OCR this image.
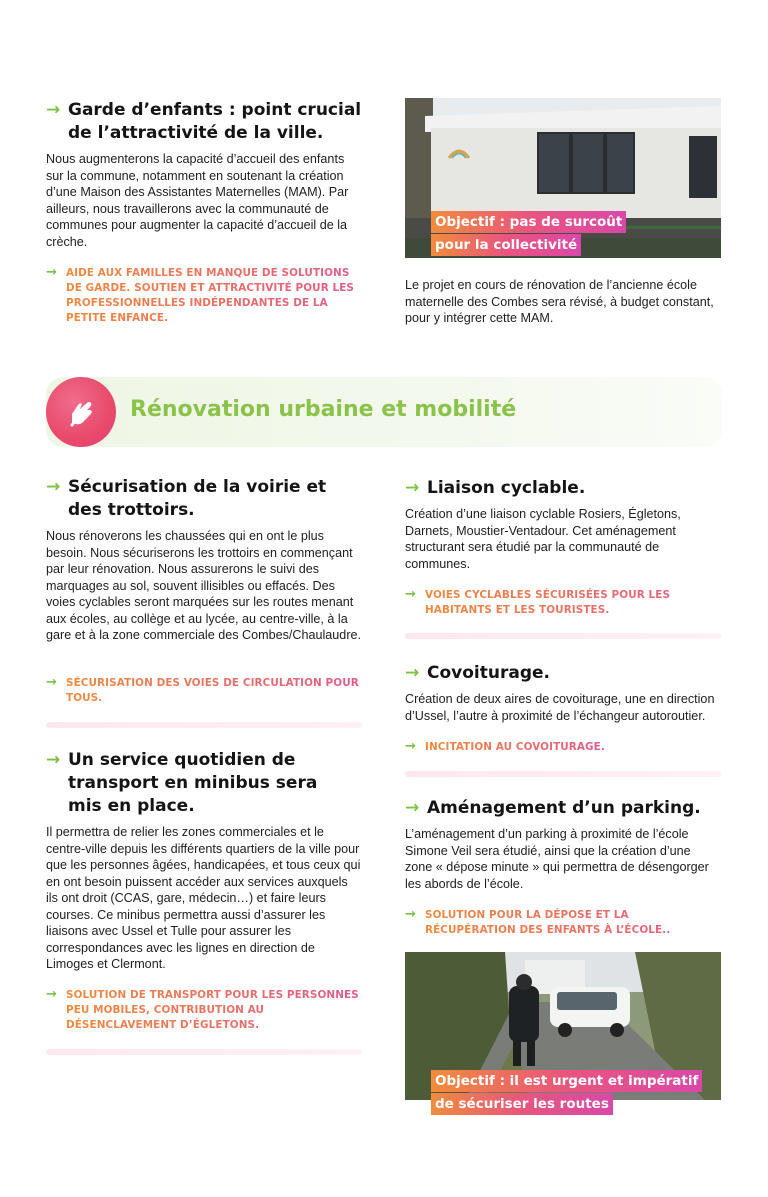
→ Garde d’enfants : point crucial
de l’attractivité de la ville.

Nous augmenterons la capacité d’accueil des enfants sur la commune, notamment en soutenant la création d’une Maison des Assistantes Maternelles (MAM). Par ailleurs, nous travaillerons avec la communauté de communes pour augmenter la capacité d’accueil de la crèche.

→ AIDE AUX FAMILLES EN MANQUE DE SOLUTIONS DE GARDE. SOUTIEN ET ATTRACTIVITÉ POUR LES PROFESSIONNELLES INDÉPENDANTES DE LA PETITE ENFANCE.
Objectif : pas de surcoût
pour la collectivité

Le projet en cours de rénovation de l’ancienne école maternelle des Combes sera révisé, à budget constant, pour y intégrer cette MAM.

Rénovation urbaine et mobilité
→ Sécurisation de la voirie et
des trottoirs.

Nous rénoverons les chaussées qui en ont le plus besoin. Nous sécuriserons les trottoirs en commençant par leur rénovation. Nous assurerons le suivi des marquages au sol, souvent illisibles ou effacés. Des voies cyclables seront marquées sur les routes menant aux écoles, au collège et au lycée, au centre-ville, à la gare et à la zone commerciale des Combes/Chaulaudre.

→ SÉCURISATION DES VOIES DE CIRCULATION POUR TOUS.
→ Un service quotidien de
transport en minibus sera
mis en place.

Il permettra de relier les zones commerciales et le centre-ville depuis les différents quartiers de la ville pour que les personnes âgées, handicapées, et tous ceux qui en ont besoin puissent accéder aux services auxquels ils ont droit (CCAS, gare, médecin…) et faire leurs courses. Ce minibus permettra aussi d’assurer les liaisons avec Ussel et Tulle pour assurer les correspondances avec les lignes en direction de Limoges et Clermont.

→ SOLUTION DE TRANSPORT POUR LES PERSONNES PEU MOBILES, CONTRIBUTION AU DÉSENCLAVEMENT D’ÉGLETONS.
→ Liaison cyclable.

Création d’une liaison cyclable Rosiers, Égletons, Darnets, Moustier-Ventadour. Cet aménagement structurant sera étudié par la communauté de communes.

→ VOIES CYCLABLES SÉCURISÉES POUR LES HABITANTS ET LES TOURISTES.
→ Covoiturage.

Création de deux aires de covoiturage, une en direction d’Ussel, l’autre à proximité de l’échangeur autoroutier.

→ INCITATION AU COVOITURAGE.
→ Aménagement d’un parking.

L’aménagement d’un parking à proximité de l’école Simone Veil sera étudié, ainsi que la création d’une zone « dépose minute » qui permettra de désengorger les abords de l’école.

→ SOLUTION POUR LA DÉPOSE ET LA RÉCUPÉRATION DES ENFANTS À L’ÉCOLE..
Objectif : il est urgent et impératif
de sécuriser les routes
